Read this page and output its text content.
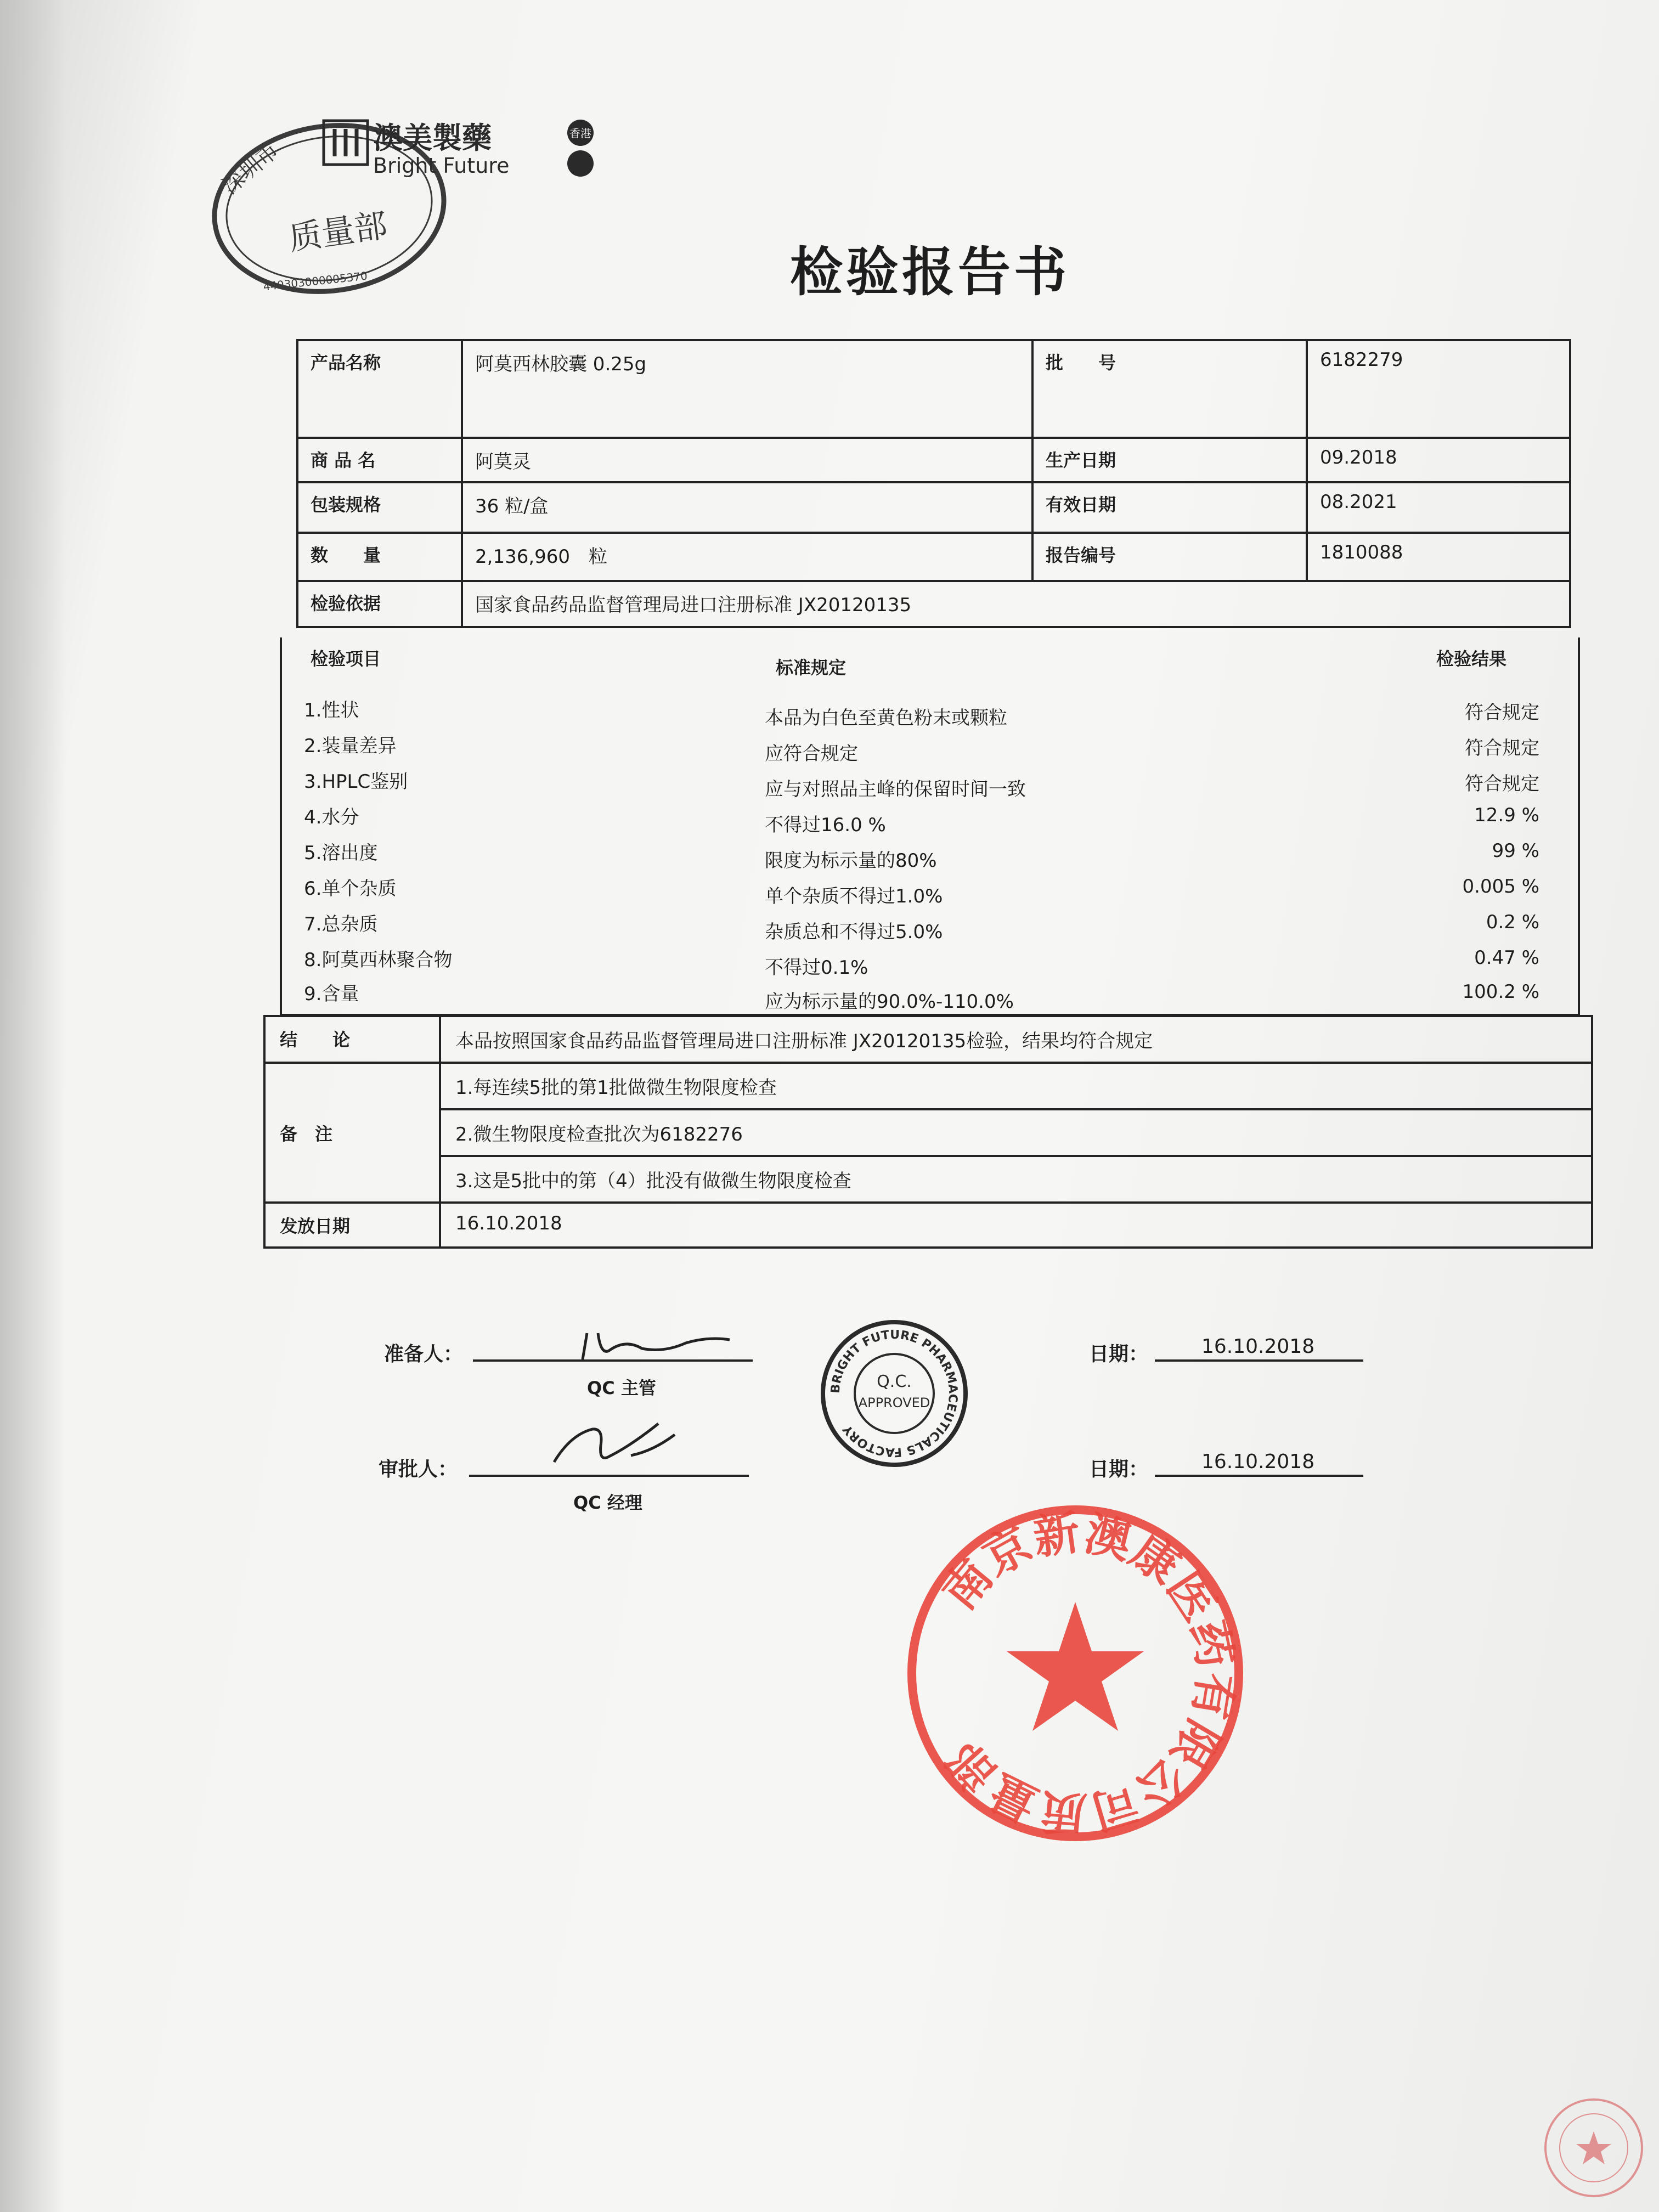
质量部
深圳市
440303000005370
澳美製藥
Bright Future
香港
检验报告书
产品名称	阿莫西林胶囊 0.25g	批　　号	6182279
商 品 名	阿莫灵	生产日期	09.2018
包装规格	36 粒/盒	有效日期	08.2021
数　　量	2,136,960　粒	报告编号	1810088
检验依据	国家食品药品监督管理局进口注册标准 JX20120135		
检验项目	标准规定	检验结果
1.性状	本品为白色至黄色粉末或颗粒	符合规定
2.装量差异	应符合规定	符合规定
3.HPLC鉴别	应与对照品主峰的保留时间一致	符合规定
4.水分	不得过16.0 %	12.9 %
5.溶出度	限度为标示量的80%	99 %
6.单个杂质	单个杂质不得过1.0%	0.005 %
7.总杂质	杂质总和不得过5.0%	0.2 %
8.阿莫西林聚合物	不得过0.1%	0.47 %
9.含量	应为标示量的90.0%-110.0%	100.2 %
结　　论	本品按照国家食品药品监督管理局进口注册标准 JX20120135检验，结果均符合规定
备　注	1.每连续5批的第1批做微生物限度检查
	2.微生物限度检查批次为6182276
	3.这是5批中的第（4）批没有做微生物限度检查
发放日期	16.10.2018
准备人：
QC 主管
审批人：
QC 经理
日期：	16.10.2018
日期：	16.10.2018
BRIGHT FUTURE PHARMACEUTICALS FACTORY
Q.C.
APPROVED
南京新澳康医药有限公司质量部
